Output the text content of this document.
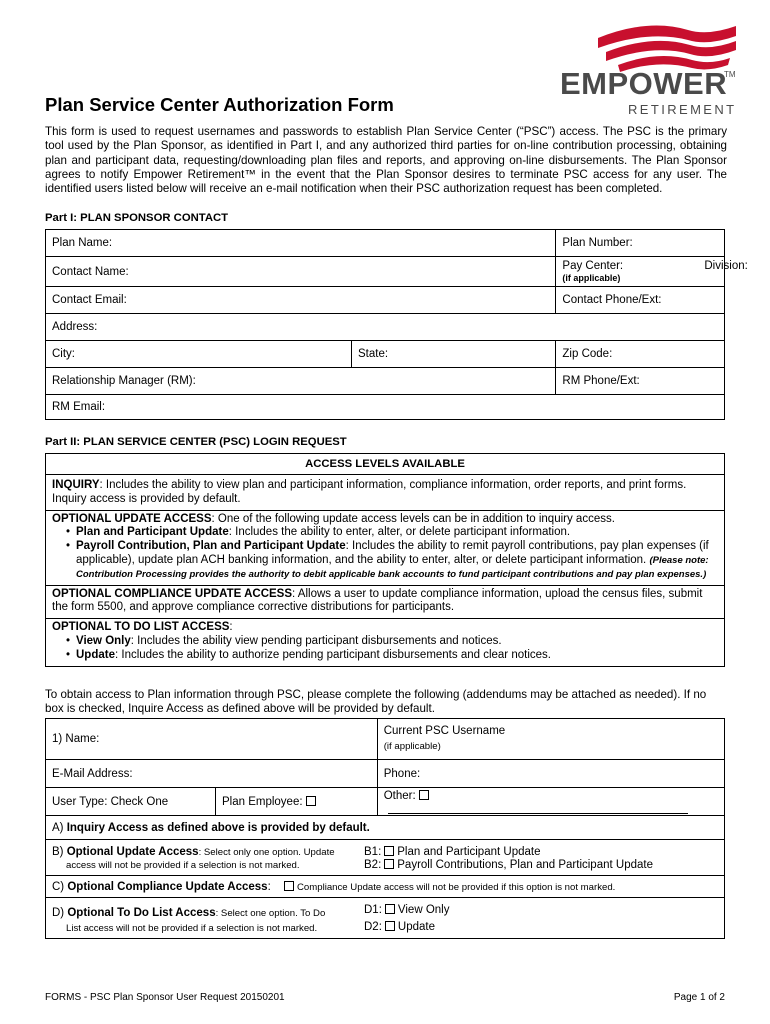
EMPOWER
TM
RETIREMENT
Plan Service Center Authorization Form
This form is used to request usernames and passwords to establish Plan Service Center (“PSC”) access. The PSC is the primary tool used by the Plan Sponsor, as identified in Part I, and any authorized third parties for on-line contribution processing, obtaining plan and participant data, requesting/downloading plan files and reports, and approving on-line disbursements. The Plan Sponsor agrees to notify Empower Retirement™ in the event that the Plan Sponsor desires to terminate PSC access for any user. The identified users listed below will receive an e-mail notification when their PSC authorization request has been completed.
Part I: PLAN SPONSOR CONTACT
Plan Name:		Plan Number:
Contact Name:		Pay Center: Division:
(if applicable)
Contact Email:		Contact Phone/Ext:
Address:		
City:	State:	Zip Code:
Relationship Manager (RM):		RM Phone/Ext:
RM Email:		
Part II: PLAN SERVICE CENTER (PSC) LOGIN REQUEST
ACCESS LEVELS AVAILABLE
INQUIRY: Includes the ability to view plan and participant information, compliance information, order reports, and print forms. Inquiry access is provided by default.
OPTIONAL UPDATE ACCESS: One of the following update access levels can be in addition to inquiry access.
• Plan and Participant Update: Includes the ability to enter, alter, or delete participant information.
• Payroll Contribution, Plan and Participant Update: Includes the ability to remit payroll contributions, pay plan expenses (if applicable), update plan ACH banking information, and the ability to enter, alter, or delete participant information. (Please note: Contribution Processing provides the authority to debit applicable bank accounts to fund participant contributions and pay plan expenses.)
OPTIONAL COMPLIANCE UPDATE ACCESS: Allows a user to update compliance information, upload the census files, submit the form 5500, and approve compliance corrective distributions for participants.
OPTIONAL TO DO LIST ACCESS:
• View Only: Includes the ability view pending participant disbursements and notices.
• Update: Includes the ability to authorize pending participant disbursements and clear notices.
To obtain access to Plan information through PSC, please complete the following (addendums may be attached as needed). If no box is checked, Inquire Access as defined above will be provided by default.
1) Name:		Current PSC Username
(if applicable)
E-Mail Address:		Phone:
User Type: Check One	Plan Employee:	Other:
A) Inquiry Access as defined above is provided by default.		

B) Optional Update Access: Select only one option. Update
access will not be provided if a selection is not marked.
B1: Plan and Participant Update
B2: Payroll Contributions, Plan and Participant Update		

C) Optional Compliance Update Access: Compliance Update access will not be provided if this option is not marked.		

D) Optional To Do List Access: Select one option. To Do
List access will not be provided if a selection is not marked.
D1: View Only
D2: Update		
FORMS - PSC Plan Sponsor User Request 20150201	Page 1 of 2
